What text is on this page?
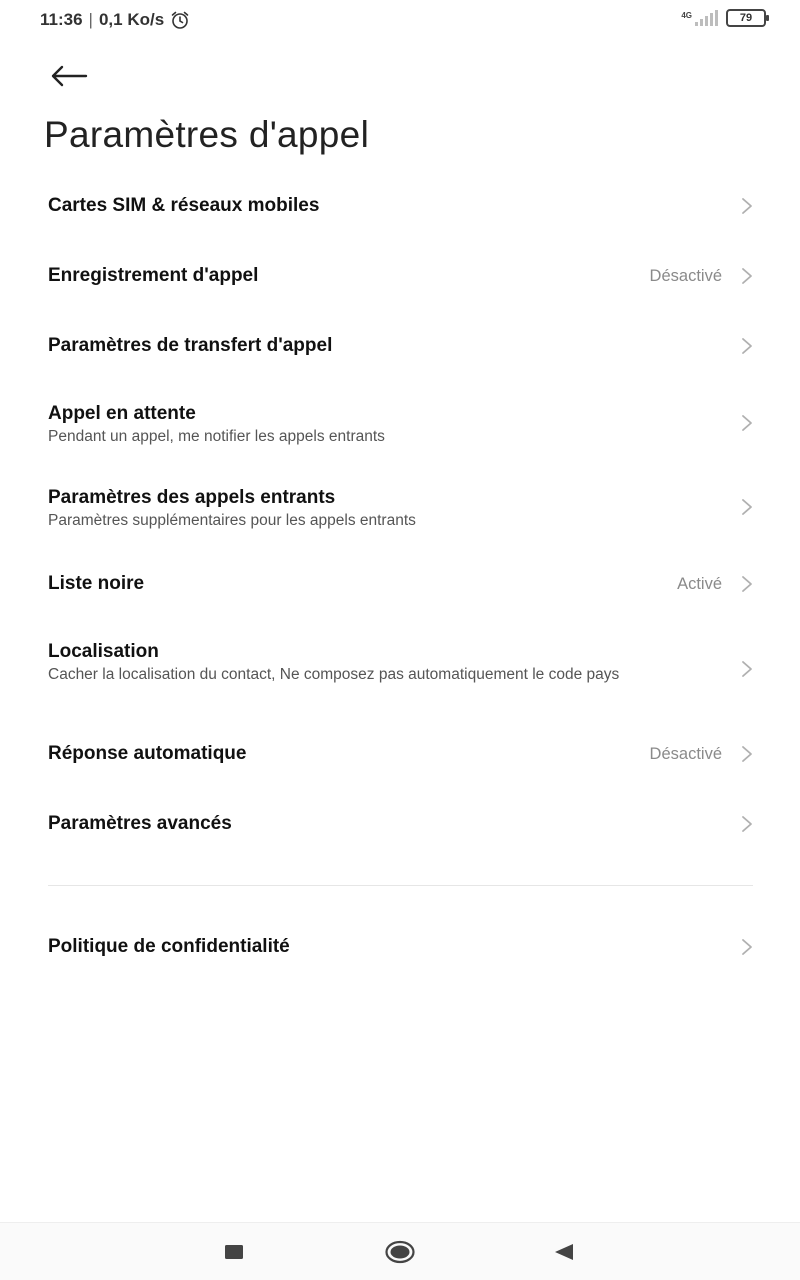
11:36 | 0,1 Ko/s	4G	79
Paramètres d'appel
Cartes SIM & réseaux mobiles
Enregistrement d'appel	Désactivé
Paramètres de transfert d'appel
Appel en attente
Pendant un appel, me notifier les appels entrants
Paramètres des appels entrants
Paramètres supplémentaires pour les appels entrants
Liste noire	Activé
Localisation
Cacher la localisation du contact, Ne composez pas automatiquement le code pays
Réponse automatique	Désactivé
Paramètres avancés
Politique de confidentialité
